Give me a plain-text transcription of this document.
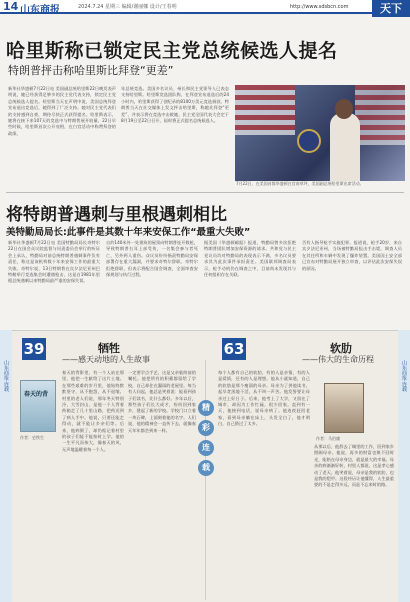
14 山东商报	2024.7.24 星期三 编辑/谢丽娜 设计/王春明	http://www.sdsbcn.com	天下
哈里斯称已锁定民主党总统候选人提名
特朗普抨击称哈里斯比拜登“更差”
新华社华盛顿7月22日电 美国副总统哈里斯22日晚发表声明说，她已经获得足够多的民主党代表支持，锁定民主党总统候选人提名。哈里斯当天在声明中说，美国总统拜登宣布退出竞选后，她得到了广泛支持。她对民主党代表们的支持感到自豪，期待尽快正式获得提名。哈里斯表示，她将在接下来107天的竞选中与特朗普展开较量。22日早些时候，哈里斯首次公开亮相，在白宫活动中称赞拜登的政绩。
年总统竞选。美国多名议员、州长和民主党领导人已表态支持哈里斯。哈里斯竞选团队称，在拜登宣布退选后的24小时内，哈里斯获得了创纪录的8100万美元竞选捐款。特朗普当天在社交媒体上发文抨击哈里斯，称她比拜登“更差”，并表示将在竞选中击败她。民主党全国代表大会定于8月19日至22日召开，届时将正式提名总统候选人。
7月22日，在美国首都华盛顿白宫南草坪，美国副总统哈里斯出席活动。
将特朗普遇刺与里根遇刺相比
美特勤局局长:此事件是其数十年来安保工作“最重大失败”
新华社华盛顿7月22日电 美国特勤局局长奇特尔22日在国会众议院监督与问责委员会举行的听证会上承认，特勤局对前总统特朗普遇刺事件负有责任，称这是该机构数十年来安保工作的最重大失败。奇特尔说，13日特朗普在宾夕法尼亚州巴特勒举行竞选集会时遭遇枪击，这是自1981年里根总统遇刺以来特勤局最严重的安保失误。
自约140米外一处建筑的屋顶向特朗普连开数枪，导致特朗普右耳上部受伤，一名集会参与者死亡，另外两人重伤。众议员纷纷指责特勤局安保部署存在重大漏洞，并要求奇特尔辞职。奇特尔拒绝辞职，但表示将配合国会调查，全面审查安保规划与执行过程。
据美国《华盛顿邮报》报道，特勤局曾多次拒绝特朗普团队增加安保资源的请求。共和党与民主党议员均对特勤局的表现表示不满，多名议员要求其为此次事件承担责任。美国联邦调查局表示，枪手动机仍在调查之中，目前尚未发现其与任何组织存在关联。
否有人指导枪手实施犯罪。报道说，枪手20岁，来自宾夕法尼亚州，当场被特勤局狙击手击毙。调查人员在其住所和车辆中发现了爆炸装置。美国国土安全部已宣布对特勤局展开独立审查，以评估此次安保失误的原因。
山东商报·连载	山东商报·连载
39	牺牲
——感天动地的人生故事
春天的背
作者：史铁生
春天的背影里，有一个人站在那里，他把一生献给了这片土地。在那些艰难的岁月里，他始终默默坚守，从不抱怨，从不退缩。村里的老人们说，那年冬天特别冷，大雪封山，是他一个人背着药箱走了几十里山路，把药送到了病人手中。他说，只要还能走得动，就不能让乡亲们等。后来，他病倒了，却仍惦记着村里的孩子们能不能按时上学。他的一生平凡而伟大，像春天的风，无声地温暖着每一个人。
一定要学点手艺，这是父亲临终前的嘱托。他把所有的积蓄都留给了学校，自己却住在漏雨的老屋里。每当有人问起，他总是笑着说：能看到孩子们读书，比什么都好。多年以后，那些孩子们长大成才，纷纷回到家乡，建起了新的学校。学校门口立着一块石碑，上面刻着他的名字。人们说，他的精神会一直传下去，就像春天年年都会到来一样。
精
彩
连
载
63	软肋
——伟大的生命历程
每个人都有自己的软肋，有的人是亲情，有的人是爱情，还有的人是理想。他从小就知道，自己的软肋是那个瘦弱的母亲。母亲为了供他读书，起早贪黑地干活，从不叫一声苦。他发誓要让母亲过上好日子。后来，他考上了大学，又留在了城市，却因为工作忙碌，很少回家。直到有一天，他接到电话，说母亲病了。他连夜赶回老家，看到母亲躺在床上，头发全白了，他才明白，自己错过了太多。
作者：马伯庸
从那以后，他辞去了城里的工作，回到家乡照顾母亲。他说，再多的财富也换不回时光，能陪在母亲身边，就是最大的幸福。母亲的病渐渐好转，村里人都说，这是孝心感动了老天。他笑着说，母亲是我的软肋，也是我的铠甲。这段经历让他懂得，人生最重要的不是走得多远，而是不忘来时的路。
